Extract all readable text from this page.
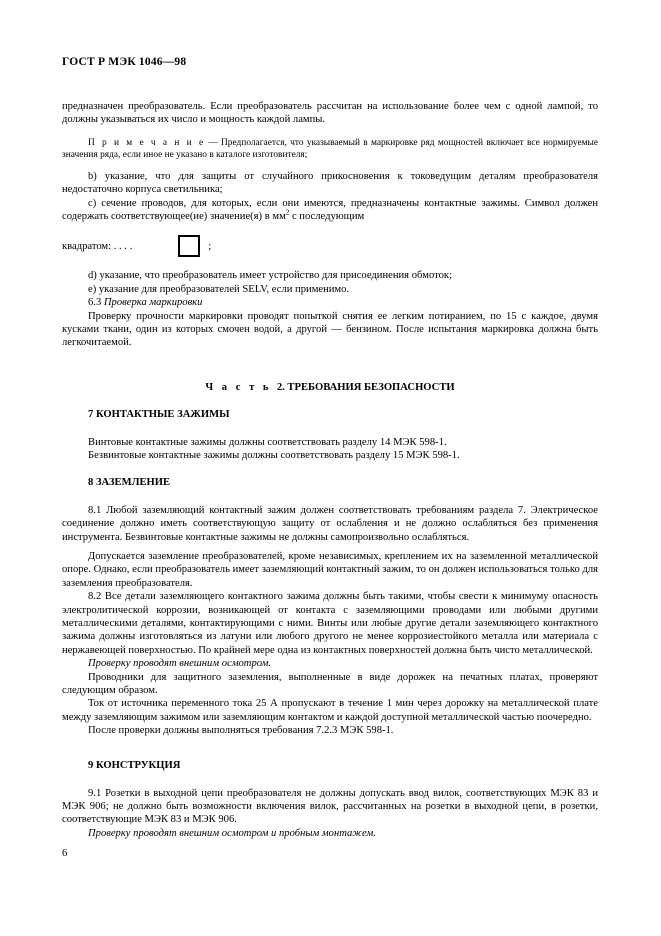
ГОСТ Р МЭК 1046—98

предназначен преобразователь. Если преобразователь рассчитан на использование более чем с одной лампой, то должны указываться их число и мощность каждой лампы.

П р и м е ч а н и е — Предполагается, что указываемый в маркировке ряд мощностей включает все нормируемые значения ряда, если иное не указано в каталоге изготовителя;

b) указание, что для защиты от случайного прикосновения к токоведущим деталям преобразователя недостаточно корпуса светильника;

c) сечение проводов, для которых, если они имеются, предназначены контактные зажимы. Символ должен содержать соответствующее(ие) значение(я) в $мм^2$ с последующим

квадратом: . . . .	;

d) указание, что преобразователь имеет устройство для присоединения обмоток;

e) указание для преобразователей SELV, если применимо.

6.3 Проверка маркировки

Проверку прочности маркировки проводят попыткой снятия ее легким потиранием, по 15 с каждое, двумя кусками ткани, один из которых смочен водой, а другой — бензином. После испытания маркировка должна быть легкочитаемой.

Ч а с т ь 2. ТРЕБОВАНИЯ БЕЗОПАСНОСТИ
7 КОНТАКТНЫЕ ЗАЖИМЫ

Винтовые контактные зажимы должны соответствовать разделу 14 МЭК 598-1.

Безвинтовые контактные зажимы должны соответствовать разделу 15 МЭК 598-1.

8 ЗАЗЕМЛЕНИЕ

8.1 Любой заземляющий контактный зажим должен соответствовать требованиям раздела 7. Электрическое соединение должно иметь соответствующую защиту от ослабления и не должно ослабляться без применения инструмента. Безвинтовые контактные зажимы не должны самопроизвольно ослабляться.

Допускается заземление преобразователей, кроме независимых, креплением их на заземленной металлической опоре. Однако, если преобразователь имеет заземляющий контактный зажим, то он должен использоваться только для заземления преобразователя.

8.2 Все детали заземляющего контактного зажима должны быть такими, чтобы свести к минимуму опасность электролитической коррозии, возникающей от контакта с заземляющими проводами или любыми другими металлическими деталями, контактирующими с ними. Винты или любые другие детали заземляющего контактного зажима должны изготовляться из латуни или любого другого не менее коррозиестойкого металла или материала с нержавеющей поверхностью. По крайней мере одна из контактных поверхностей должна быть чисто металлической.

Проверку проводят внешним осмотром.

Проводники для защитного заземления, выполненные в виде дорожек на печатных платах, проверяют следующим образом.

Ток от источника переменного тока 25 А пропускают в течение 1 мин через дорожку на металлической плате между заземляющим зажимом или заземляющим контактом и каждой доступной металлической частью поочередно.

После проверки должны выполняться требования 7.2.3 МЭК 598-1.

9 КОНСТРУКЦИЯ

9.1 Розетки в выходной цепи преобразователя не должны допускать ввод вилок, соответствующих МЭК 83 и МЭК 906; не должно быть возможности включения вилок, рассчитанных на розетки в выходной цепи, в розетки, соответствующие МЭК 83 и МЭК 906.

Проверку проводят внешним осмотром и пробным монтажем.

6
